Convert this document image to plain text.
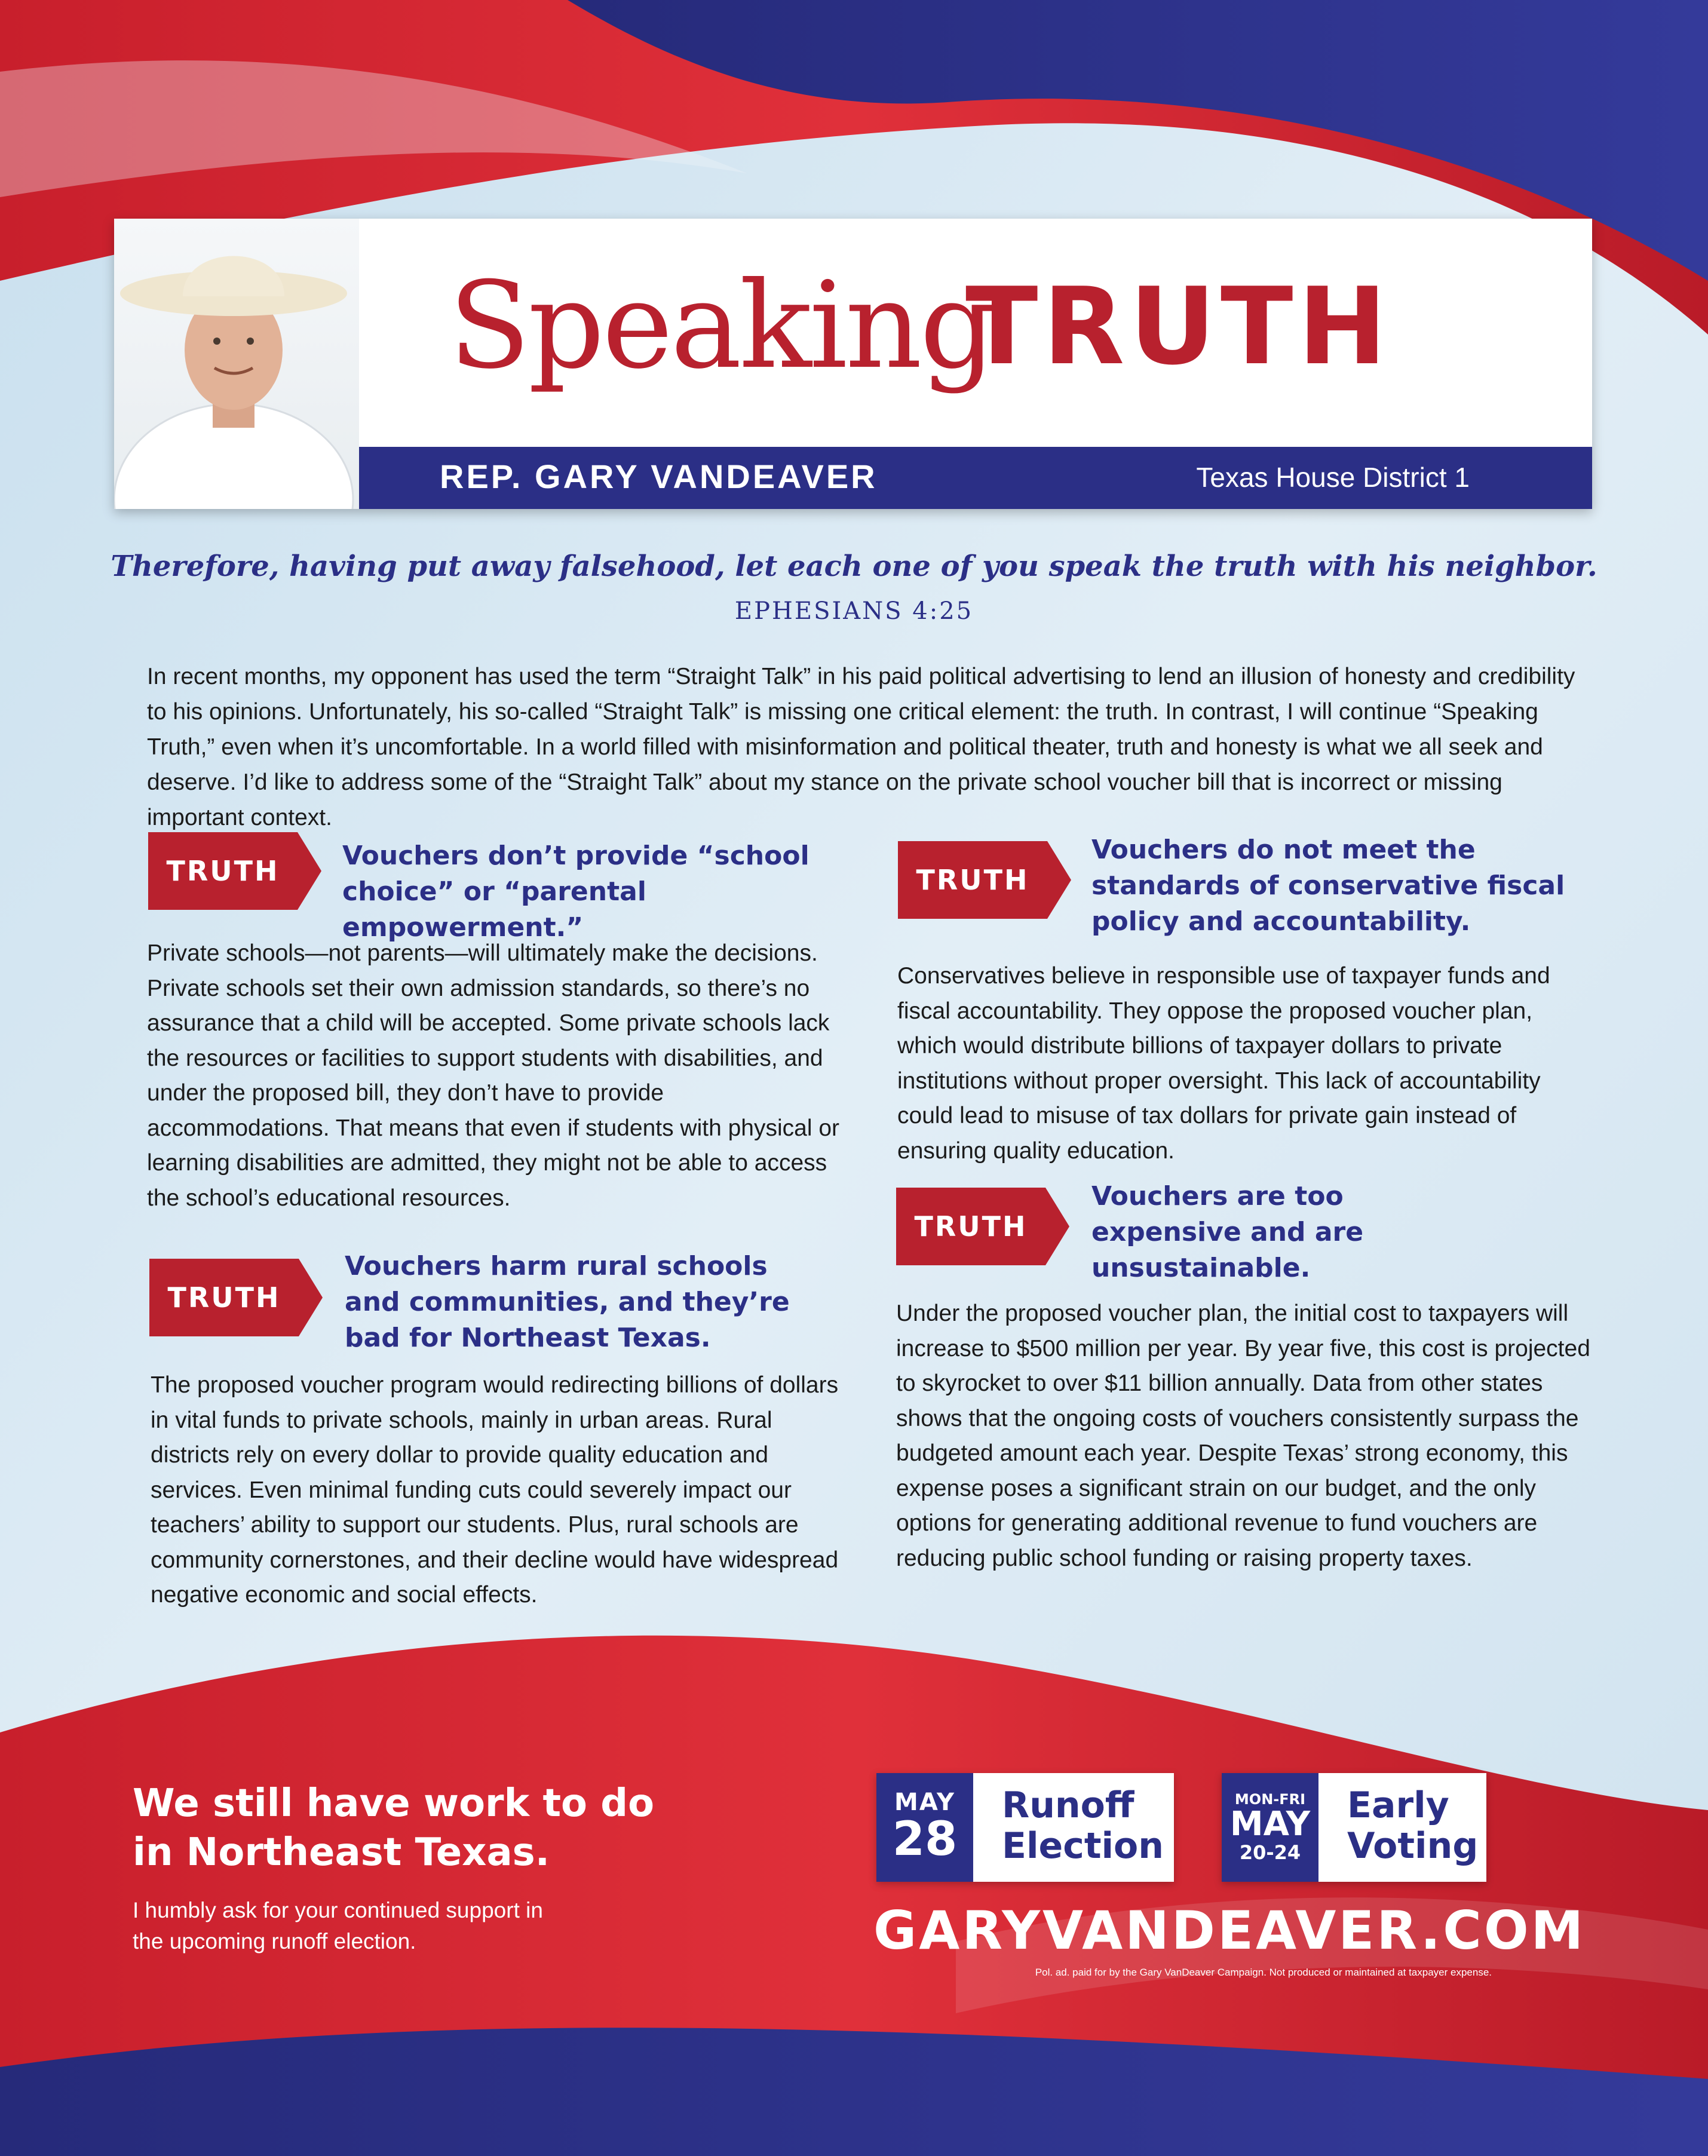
Speaking
TRUTH
REP. GARY VANDEAVER	Texas House District 1
Therefore, having put away falsehood, let each one of you speak the truth with his neighbor.
EPHESIANS 4:25
In recent months, my opponent has used the term “Straight Talk” in his paid political advertising to lend an illusion of honesty and credibility to his opinions. Unfortunately, his so-called “Straight Talk” is missing one critical element: the truth. In contrast, I will continue “Speaking Truth,” even when it’s uncomfortable. In a world filled with misinformation and political theater, truth and honesty is what we all seek and deserve. I’d like to address some of the “Straight Talk” about my stance on the private school voucher bill that is incorrect or missing important context.
TRUTH	Vouchers don’t provide “school choice” or “parental empowerment.”
Private schools—not parents—will ultimately make the decisions. Private schools set their own admission standards, so there’s no assurance that a child will be accepted. Some private schools lack the resources or facilities to support students with disabilities, and under the proposed bill, they don’t have to provide accommodations. That means that even if students with physical or learning disabilities are admitted, they might not be able to access the school’s educational resources.
TRUTH
Vouchers harm rural schools and communities, and they’re bad for Northeast Texas.
The proposed voucher program would redirecting billions of dollars in vital funds to private schools, mainly in urban areas. Rural districts rely on every dollar to provide quality education and services. Even minimal funding cuts could severely impact our teachers’ ability to support our students. Plus, rural schools are community cornerstones, and their decline would have widespread negative economic and social effects.
TRUTH
Vouchers do not meet the standards of conservative fiscal policy and accountability.
Conservatives believe in responsible use of taxpayer funds and fiscal accountability. They oppose the proposed voucher plan, which would distribute billions of taxpayer dollars to private institutions without proper oversight. This lack of accountability could lead to misuse of tax dollars for private gain instead of ensuring quality education.
TRUTH
Vouchers are too expensive and are unsustainable.
Under the proposed voucher plan, the initial cost to taxpayers will increase to $500 million per year. By year five, this cost is projected to skyrocket to over $11 billion annually. Data from other states shows that the ongoing costs of vouchers consistently surpass the budgeted amount each year. Despite Texas’ strong economy, this expense poses a significant strain on our budget, and the only options for generating additional revenue to fund vouchers are reducing public school funding or raising property taxes.
We still have work to do
in Northeast Texas.
I humbly ask for your continued support in
the upcoming runoff election.
MAY
28
Runoff
Election
MON-FRI
MAY
20-24
Early
Voting
GARYVANDEAVER.COM
Pol. ad. paid for by the Gary VanDeaver Campaign. Not produced or maintained at taxpayer expense.
